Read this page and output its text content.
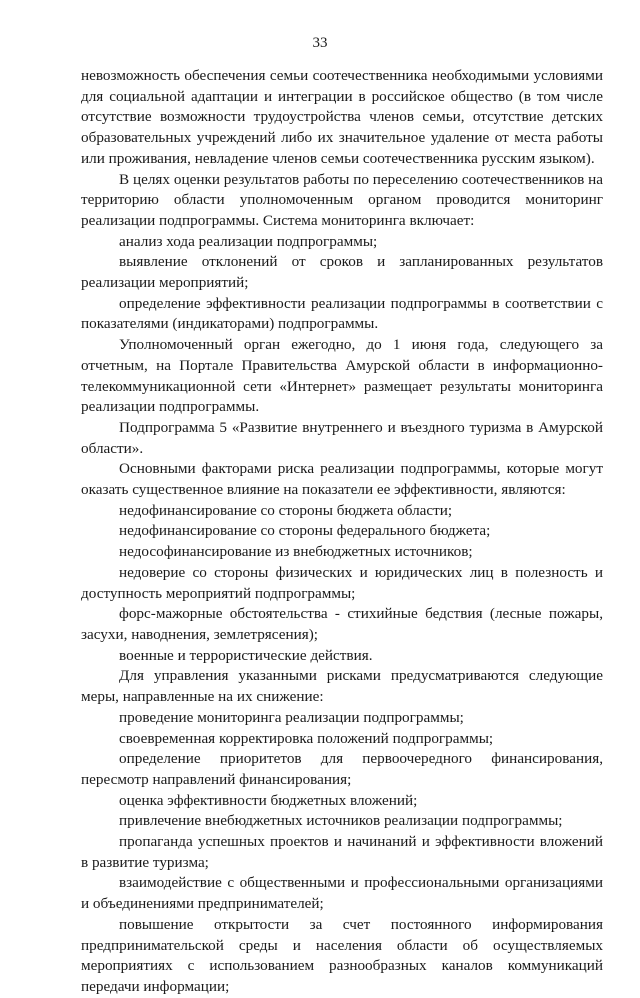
33

невозможность обеспечения семьи соотечественника необходимыми условиями для социальной адаптации и интеграции в российское общество (в том числе отсутствие возможности трудоустройства членов семьи, отсутствие детских образовательных учреждений либо их значительное удаление от места работы или проживания, невладение членов семьи соотечественника русским языком).

В целях оценки результатов работы по переселению соотечественников на территорию области уполномоченным органом проводится мониторинг реализации подпрограммы. Система мониторинга включает:

анализ хода реализации подпрограммы;

выявление отклонений от сроков и запланированных результатов реализации мероприятий;

определение эффективности реализации подпрограммы в соответствии с показателями (индикаторами) подпрограммы.

Уполномоченный орган ежегодно, до 1 июня года, следующего за отчетным, на Портале Правительства Амурской области в информационно-телекоммуникационной сети «Интернет» размещает результаты мониторинга реализации подпрограммы.

Подпрограмма 5 «Развитие внутреннего и въездного туризма в Амурской области».

Основными факторами риска реализации подпрограммы, которые могут оказать существенное влияние на показатели ее эффективности, являются:

недофинансирование со стороны бюджета области;

недофинансирование со стороны федерального бюджета;

недософинансирование из внебюджетных источников;

недоверие со стороны физических и юридических лиц в полезность и доступность мероприятий подпрограммы;

форс-мажорные обстоятельства - стихийные бедствия (лесные пожары, засухи, наводнения, землетрясения);

военные и террористические действия.

Для управления указанными рисками предусматриваются следующие меры, направленные на их снижение:

проведение мониторинга реализации подпрограммы;

своевременная корректировка положений подпрограммы;

определение приоритетов для первоочередного финансирования, пересмотр направлений финансирования;

оценка эффективности бюджетных вложений;

привлечение внебюджетных источников реализации подпрограммы;

пропаганда успешных проектов и начинаний и эффективности вложений в развитие туризма;

взаимодействие с общественными и профессиональными организациями и объединениями предпринимателей;

повышение открытости за счет постоянного информирования предпринимательской среды и населения области об осуществляемых мероприятиях с использованием разнообразных каналов коммуникаций передачи информации;
